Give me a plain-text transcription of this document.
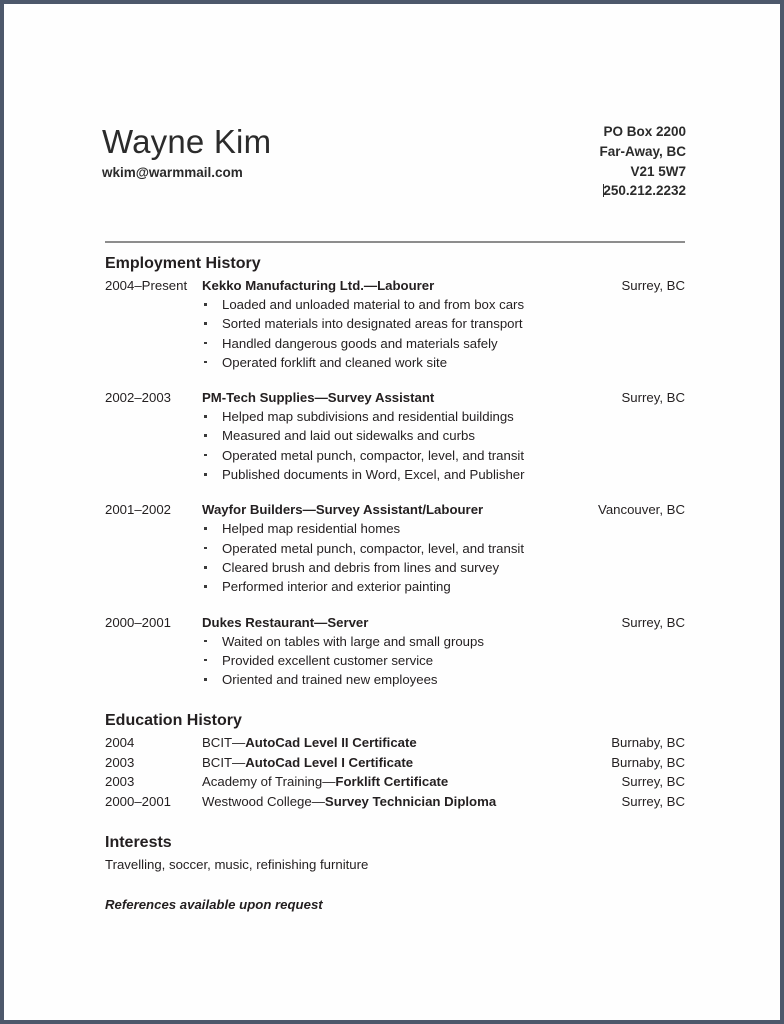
Wayne Kim
wkim@warmmail.com
PO Box 2200
Far-Away, BC
V21 5W7
250.212.2232
Employment History
2004–Present Kekko Manufacturing Ltd.—Labourer	Surrey, BC
Loaded and unloaded material to and from box cars
Sorted materials into designated areas for transport
Handled dangerous goods and materials safely
Operated forklift and cleaned work site
2002–2003 PM-Tech Supplies—Survey Assistant	Surrey, BC
Helped map subdivisions and residential buildings
Measured and laid out sidewalks and curbs
Operated metal punch, compactor, level, and transit
Published documents in Word, Excel, and Publisher
2001–2002 Wayfor Builders—Survey Assistant/Labourer	Vancouver, BC
Helped map residential homes
Operated metal punch, compactor, level, and transit
Cleared brush and debris from lines and survey
Performed interior and exterior painting
2000–2001 Dukes Restaurant—Server	Surrey, BC
Waited on tables with large and small groups
Provided excellent customer service
Oriented and trained new employees
Education History
2004	BCIT—AutoCad Level II Certificate	Burnaby, BC
2003	BCIT—AutoCad Level I Certificate	Burnaby, BC
2003	Academy of Training—Forklift Certificate	Surrey, BC
2000–2001 Westwood College—Survey Technician Diploma	Surrey, BC
Interests
Travelling, soccer, music, refinishing furniture
References available upon request
